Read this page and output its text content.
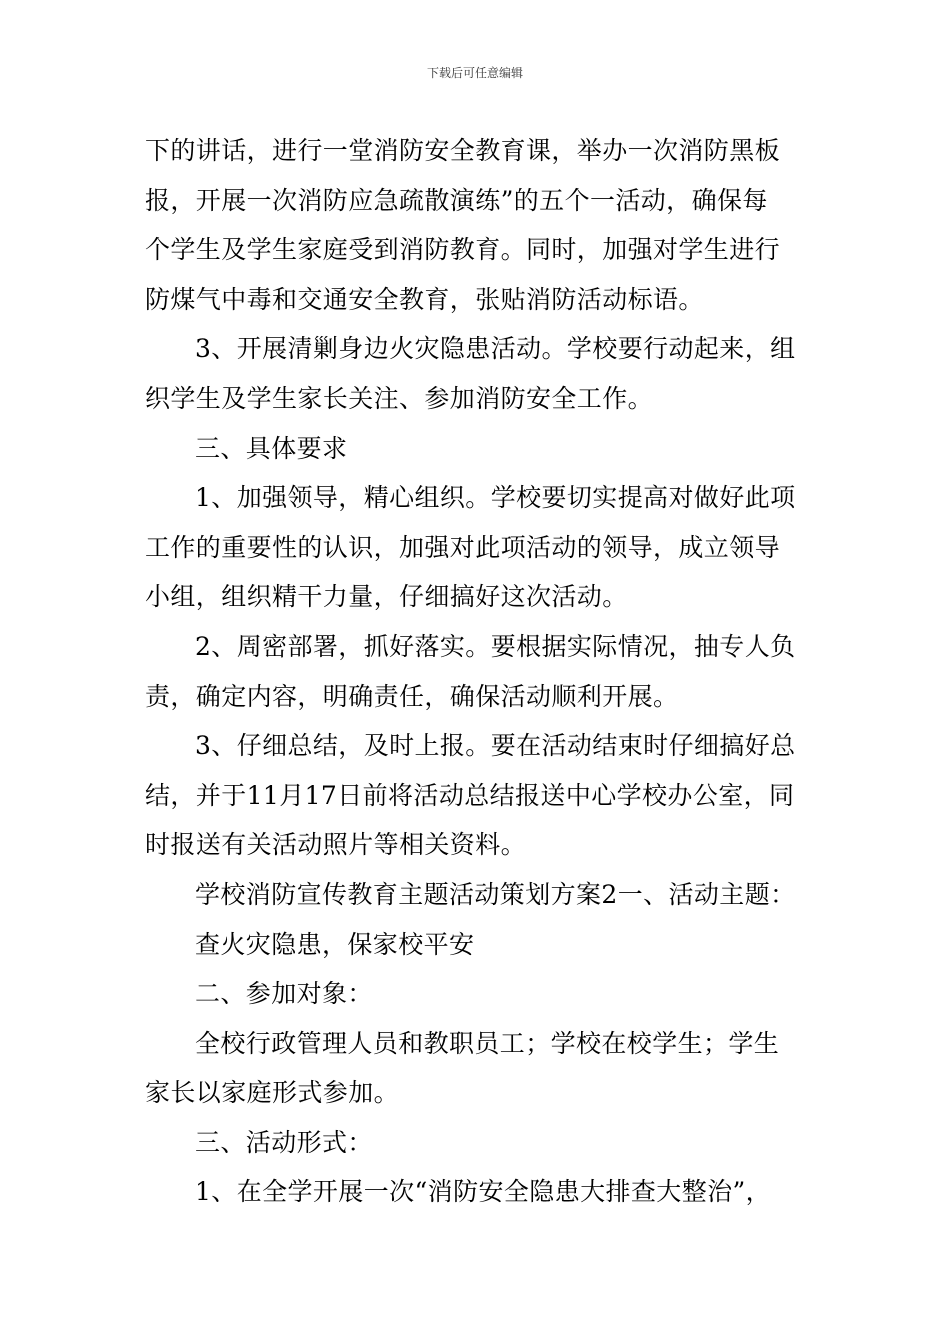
下载后可任意编辑
下的讲话，进行一堂消防安全教育课，举办一次消防黑板
报，开展一次消防应急疏散演练”的五个一活动，确保每
个学生及学生家庭受到消防教育。同时，加强对学生进行
防煤气中毒和交通安全教育，张贴消防活动标语。
3、开展清剿身边火灾隐患活动。学校要行动起来，组
织学生及学生家长关注、参加消防安全工作。
三、具体要求
1、加强领导，精心组织。学校要切实提高对做好此项
工作的重要性的认识，加强对此项活动的领导，成立领导
小组，组织精干力量，仔细搞好这次活动。
2、周密部署，抓好落实。要根据实际情况，抽专人负
责，确定内容，明确责任，确保活动顺利开展。
3、仔细总结，及时上报。要在活动结束时仔细搞好总
结，并于11月17日前将活动总结报送中心学校办公室，同
时报送有关活动照片等相关资料。
学校消防宣传教育主题活动策划方案2一、活动主题：
查火灾隐患，保家校平安
二、参加对象：
全校行政管理人员和教职员工；学校在校学生；学生
家长以家庭形式参加。
三、活动形式：
1、在全学开展一次“消防安全隐患大排查大整治”，
